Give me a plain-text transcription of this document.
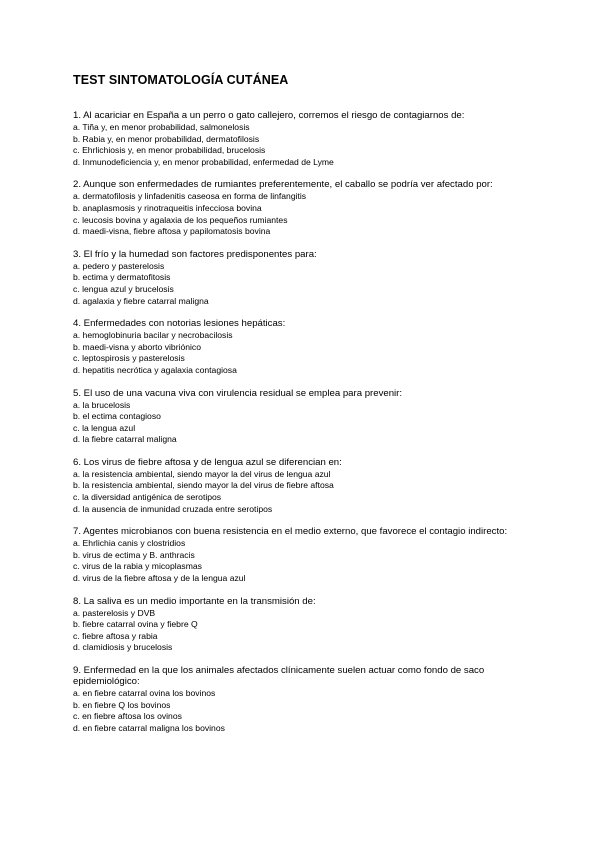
TEST SINTOMATOLOGÍA CUTÁNEA

1. Al acariciar en España a un perro o gato callejero, corremos el riesgo de contagiarnos de:

a. Tiña y, en menor probabilidad, salmonelosis

b. Rabia y, en menor probabilidad, dermatofilosis

c. Ehrlichiosis y, en menor probabilidad, brucelosis

d. Inmunodeficiencia y, en menor probabilidad, enfermedad de Lyme

2. Aunque son enfermedades de rumiantes preferentemente, el caballo se podría ver afectado por:

a. dermatofilosis y linfadenitis caseosa en forma de linfangitis

b. anaplasmosis y rinotraqueitis infecciosa bovina

c. leucosis bovina y agalaxia de los pequeños rumiantes

d. maedi-visna, fiebre aftosa y papilomatosis bovina

3. El frío y la humedad son factores predisponentes para:

a. pedero y pasterelosis

b. ectima y dermatofitosis

c. lengua azul y brucelosis

d. agalaxia y fiebre catarral maligna

4. Enfermedades con notorias lesiones hepáticas:

a. hemoglobinuria bacilar y necrobacilosis

b. maedi-visna y aborto vibriónico

c. leptospirosis y pasterelosis

d. hepatitis necrótica y agalaxia contagiosa

5. El uso de una vacuna viva con virulencia residual se emplea para prevenir:

a. la brucelosis

b. el ectima contagioso

c. la lengua azul

d. la fiebre catarral maligna

6. Los virus de fiebre aftosa y de lengua azul se diferencian en:

a. la resistencia ambiental, siendo mayor la del virus de lengua azul

b. la resistencia ambiental, siendo mayor la del virus de fiebre aftosa

c. la diversidad antigénica de serotipos

d. la ausencia de inmunidad cruzada entre serotipos

7. Agentes microbianos con buena resistencia en el medio externo, que favorece el contagio indirecto:

a. Ehrlichia canis y clostridios

b. virus de ectima y B. anthracis

c. virus de la rabia y micoplasmas

d. virus de la fiebre aftosa y de la lengua azul

8. La saliva es un medio importante en la transmisión de:

a. pasterelosis y DVB

b. fiebre catarral ovina y fiebre Q

c. fiebre aftosa y rabia

d. clamidiosis y brucelosis

9. Enfermedad en la que los animales afectados clínicamente suelen actuar como fondo de saco epidemiológico:

a. en fiebre catarral ovina los bovinos

b. en fiebre Q los bovinos

c. en fiebre aftosa los ovinos

d. en fiebre catarral maligna los bovinos
